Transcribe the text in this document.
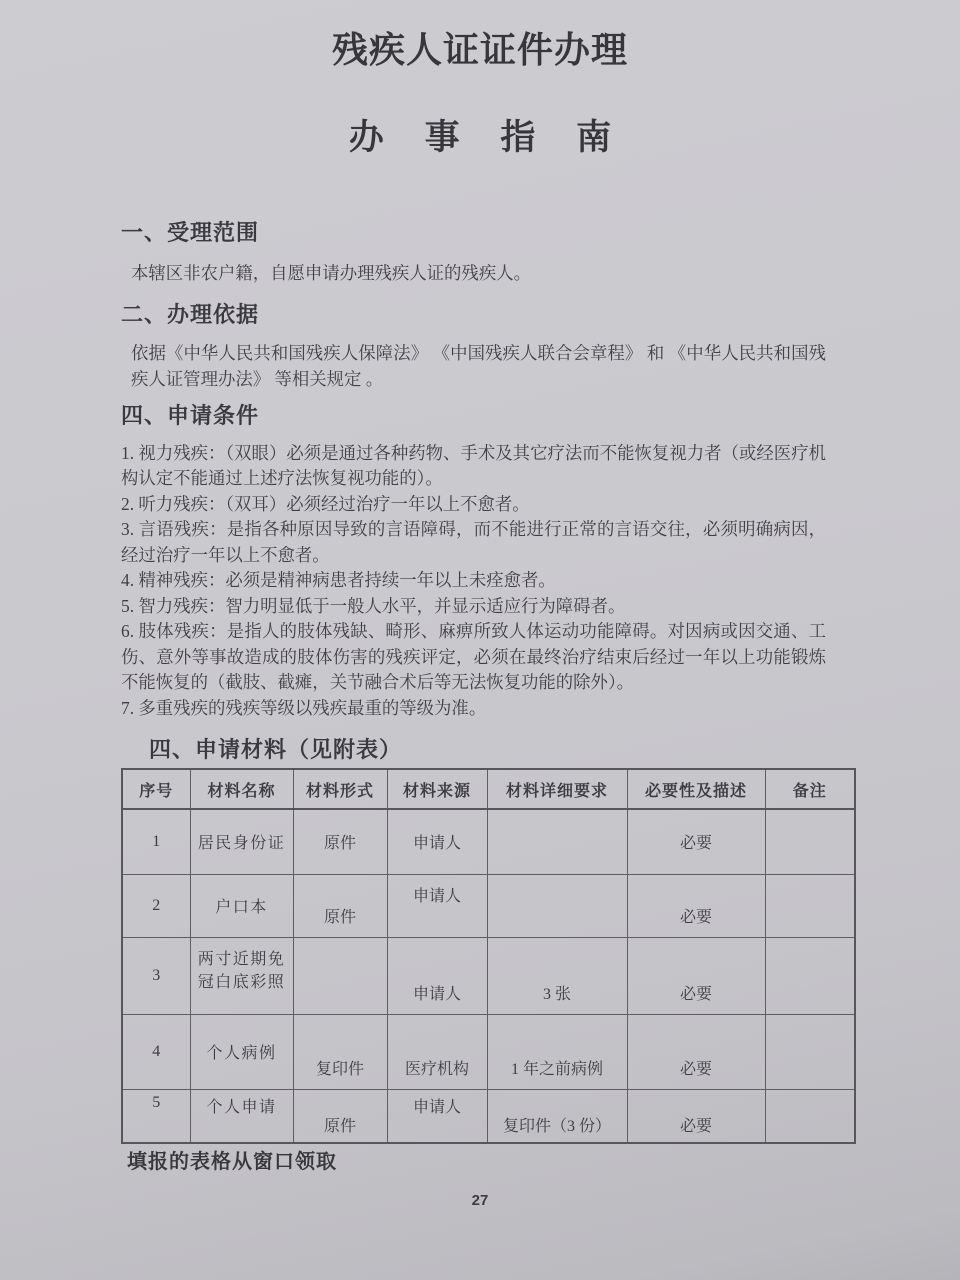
残疾人证证件办理
办 事 指 南
一、受理范围

本辖区非农户籍，自愿申请办理残疾人证的残疾人。

二、办理依据

依据《中华人民共和国残疾人保障法》 《中国残疾人联合会章程》 和 《中华人民共和国残疾人证管理办法》 等相关规定 。

四、申请条件

1. 视力残疾：（双眼）必须是通过各种药物、手术及其它疗法而不能恢复视力者（或经医疗机构认定不能通过上述疗法恢复视功能的）。

2. 听力残疾：（双耳）必须经过治疗一年以上不愈者。

3. 言语残疾：是指各种原因导致的言语障碍，而不能进行正常的言语交往，必须明确病因，经过治疗一年以上不愈者。

4. 精神残疾：必须是精神病患者持续一年以上未痊愈者。

5. 智力残疾：智力明显低于一般人水平，并显示适应行为障碍者。

6. 肢体残疾：是指人的肢体残缺、畸形、麻痹所致人体运动功能障碍。对因病或因交通、工伤、意外等事故造成的肢体伤害的残疾评定，必须在最终治疗结束后经过一年以上功能锻炼不能恢复的（截肢、截瘫，关节融合术后等无法恢复功能的除外）。

7. 多重残疾的残疾等级以残疾最重的等级为准。

四、申请材料（见附表）
序号	材料名称	材料形式	材料来源	材料详细要求	必要性及描述	备注
1	居民身份证	原件	申请人		必要	
2	户口本	原件	申请人		必要	
3	两寸近期免冠白底彩照		申请人	3 张	必要	
4	个人病例	复印件	医疗机构	1 年之前病例	必要	
5	个人申请	原件	申请人	复印件（3 份）	必要	

填报的表格从窗口领取

27
